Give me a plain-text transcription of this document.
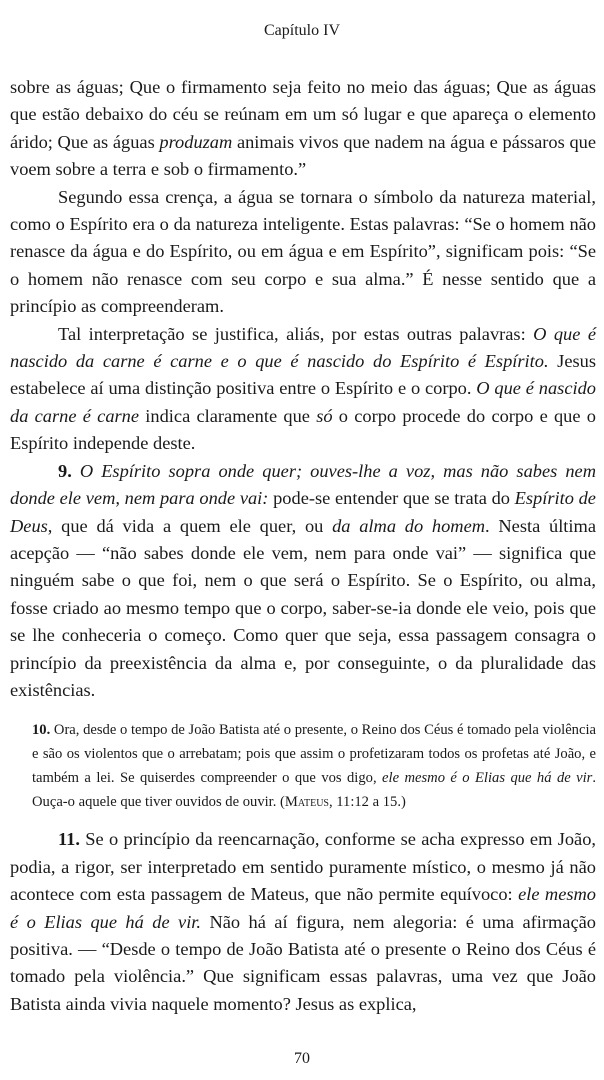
Capítulo IV

sobre as águas; Que o firmamento seja feito no meio das águas; Que as águas que estão debaixo do céu se reúnam em um só lugar e que apareça o elemento árido; Que as águas produzam animais vivos que nadem na água e pássaros que voem sobre a terra e sob o firmamento.”

Segundo essa crença, a água se tornara o símbolo da natureza material, como o Espírito era o da natureza inteligente. Estas palavras: “Se o homem não renasce da água e do Espírito, ou em água e em Espírito”, significam pois: “Se o homem não renasce com seu corpo e sua alma.” É nesse sentido que a princípio as compreenderam.

Tal interpretação se justifica, aliás, por estas outras palavras: O que é nascido da carne é carne e o que é nascido do Espírito é Espírito. Jesus estabelece aí uma distinção positiva entre o Espírito e o corpo. O que é nascido da carne é carne indica claramente que só o corpo procede do corpo e que o Espírito independe deste.

9. O Espírito sopra onde quer; ouves-lhe a voz, mas não sabes nem donde ele vem, nem para onde vai: pode-se entender que se trata do Espírito de Deus, que dá vida a quem ele quer, ou da alma do homem. Nesta última acepção — “não sabes donde ele vem, nem para onde vai” — significa que ninguém sabe o que foi, nem o que será o Espírito. Se o Espírito, ou alma, fosse criado ao mesmo tempo que o corpo, saber-se-ia donde ele veio, pois que se lhe conheceria o começo. Como quer que seja, essa passagem consagra o princípio da preexistência da alma e, por conseguinte, o da pluralidade das existências.

10. Ora, desde o tempo de João Batista até o presente, o Reino dos Céus é tomado pela violência e são os violentos que o arrebatam; pois que assim o profetizaram todos os profetas até João, e também a lei. Se quiserdes compreender o que vos digo, ele mesmo é o Elias que há de vir. Ouça-o aquele que tiver ouvidos de ouvir. (Mateus, 11:12 a 15.)

11. Se o princípio da reencarnação, conforme se acha expresso em João, podia, a rigor, ser interpretado em sentido puramente místico, o mesmo já não acontece com esta passagem de Mateus, que não permite equívoco: ele mesmo é o Elias que há de vir. Não há aí figura, nem alegoria: é uma afirmação positiva. — “Desde o tempo de João Batista até o presente o Reino dos Céus é tomado pela violência.” Que significam essas palavras, uma vez que João Batista ainda vivia naquele momento? Jesus as explica,

70
